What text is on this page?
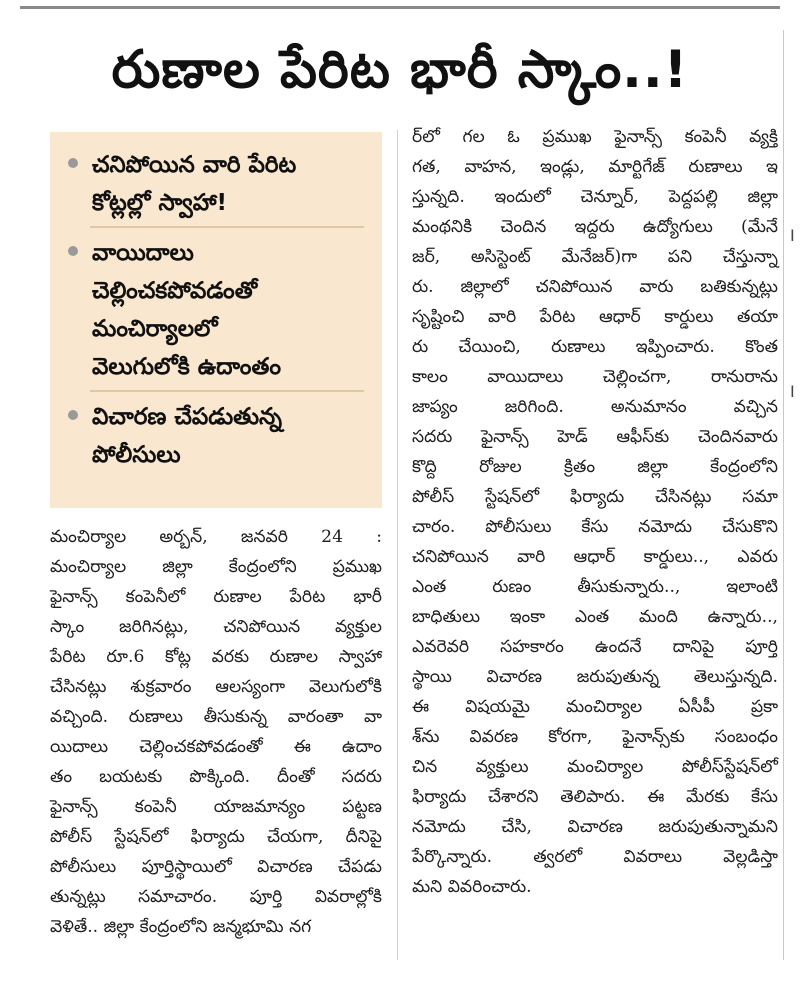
I
I
రుణాల పేరిట భారీ స్కాం..!
చనిపోయిన వారి పేరిట
కోట్లల్లో స్వాహా!
వాయిదాలు
చెల్లించకపోవడంతో
మంచిర్యాలలో
వెలుగులోకి ఉదాంతం
విచారణ చేపడుతున్న
పోలీసులు
మంచిర్యాల అర్బన్, జనవరి 24 :
మంచిర్యాల జిల్లా కేంద్రంలోని ప్రముఖ
ఫైనాన్స్ కంపెనీలో రుణాల పేరిట భారీ
స్కాం జరిగినట్లు, చనిపోయిన వ్యక్తుల
పేరిట రూ.6 కోట్ల వరకు రుణాల స్వాహా
చేసినట్లు శుక్రవారం ఆలస్యంగా వెలుగులోకి
వచ్చింది. రుణాలు తీసుకున్న వారంతా వా
యిదాలు చెల్లించకపోవడంతో ఈ ఉదాం
తం బయటకు పొక్కింది. దీంతో సదరు
ఫైనాన్స్ కంపెనీ యాజమాన్యం పట్టణ
పోలీస్ స్టేషన్‌లో ఫిర్యాదు చేయగా, దీనిపై
పోలీసులు పూర్తిస్థాయిలో విచారణ చేపడు
తున్నట్లు సమాచారం. పూర్తి వివరాల్లోకి
వెళితే.. జిల్లా కేంద్రంలోని జన్మభూమి నగ
ర్‌లో గల ఓ ప్రముఖ ఫైనాన్స్ కంపెనీ వ్యక్తి
గత, వాహన, ఇండ్లు, మార్టిగేజ్ రుణాలు ఇ
స్తున్నది. ఇందులో చెన్నూర్, పెద్దపల్లి జిల్లా
మంథనికి చెందిన ఇద్దరు ఉద్యోగులు (మేనే
జర్, అసిస్టెంట్ మేనేజర్)గా పని చేస్తున్నా
రు. జిల్లాలో చనిపోయిన వారు బతికున్నట్లు
సృష్టించి వారి పేరిట ఆధార్ కార్డులు తయా
రు చేయించి, రుణాలు ఇప్పించారు. కొంత
కాలం వాయిదాలు చెల్లించగా, రానురాను
జాప్యం జరిగింది. అనుమానం వచ్చిన
సదరు ఫైనాన్స్ హెడ్ ఆఫీస్‌కు చెందినవారు
కొద్ది రోజుల క్రితం జిల్లా కేంద్రంలోని
పోలీస్ స్టేషన్‌లో ఫిర్యాదు చేసినట్లు సమా
చారం. పోలీసులు కేసు నమోదు చేసుకొని
చనిపోయిన వారి ఆధార్ కార్డులు.., ఎవరు
ఎంత రుణం తీసుకున్నారు.., ఇలాంటి
బాధితులు ఇంకా ఎంత మంది ఉన్నారు..,
ఎవరెవరి సహకారం ఉందనే దానిపై పూర్తి
స్థాయి విచారణ జరుపుతున్న తెలుస్తున్నది.
ఈ విషయమై మంచిర్యాల ఏసీపీ ప్రకా
శ్‌ను వివరణ కోరగా, ఫైనాన్స్‌కు సంబంధం
చిన వ్యక్తులు మంచిర్యాల పోలీస్‌స్టేషన్‌లో
ఫిర్యాదు చేశారని తెలిపారు. ఈ మేరకు కేసు
నమోదు చేసి, విచారణ జరుపుతున్నామని
పేర్కొన్నారు. త్వరలో వివరాలు వెల్లడిస్తా
మని వివరించారు.
